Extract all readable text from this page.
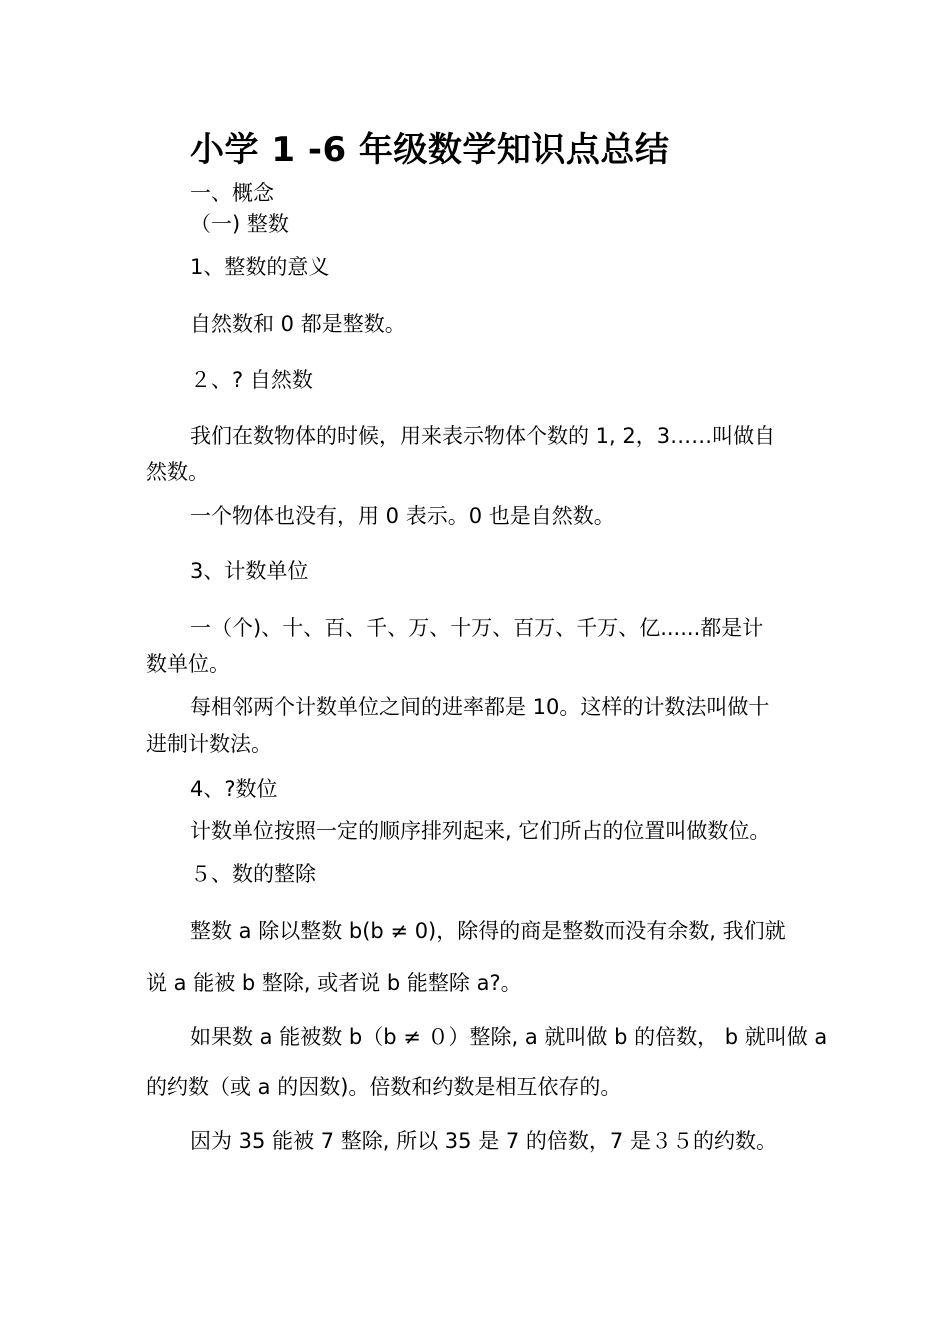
小学 1 -6 年级数学知识点总结

一、概念

（一) 整数

1、整数的意义

自然数和 0 都是整数。

２、? 自然数

我们在数物体的时候，用来表示物体个数的 1, 2，3……叫做自

然数。

一个物体也没有，用 0 表示。0 也是自然数。

3、计数单位

一（个)、十、百、千、万、十万、百万、千万、亿......都是计

数单位。

每相邻两个计数单位之间的进率都是 10。这样的计数法叫做十

进制计数法。

4、?数位

计数单位按照一定的顺序排列起来, 它们所占的位置叫做数位。

５、数的整除

整数 a 除以整数 b(b ≠ 0)，除得的商是整数而没有余数, 我们就

说 a 能被 b 整除, 或者说 b 能整除 a?。

如果数 a 能被数 b（b ≠ ０）整除, a 就叫做 b 的倍数， b 就叫做 a

的约数（或 a 的因数)。倍数和约数是相互依存的。

因为 35 能被 7 整除, 所以 35 是 7 的倍数，7 是３５的约数。
